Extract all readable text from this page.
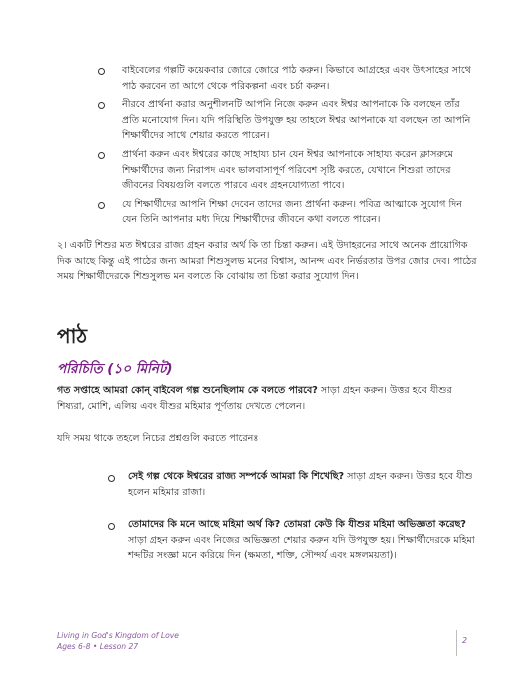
বাইবেলের গল্পটি কয়েকবার জোরে জোরে পাঠ করুন। কিভাবে আগ্রহের এবং উৎসাহের সাথে পাঠ করবেন তা আগে থেকে পরিকল্পনা এবং চর্চা করুন।
নীরবে প্রার্থনা করার অনুশীলনটি আপনি নিজে করুন এবং ঈশ্বর আপনাকে কি বলছেন তাঁর প্রতি মনোযোগ দিন। যদি পরিস্থিতি উপযুক্ত হয় তাহলে ঈশ্বর আপনাকে যা বলছেন তা আপনি শিক্ষার্থীদের সাথে শেয়ার করতে পারেন।
প্রার্থনা করুন এবং ঈশ্বরের কাছে সাহায্য চান যেন ঈশ্বর আপনাকে সাহায্য করেন ক্লাসরুমে শিক্ষার্থীদের জন্য নিরাপদ এবং ভালবাসাপূর্ণ পরিবেশ সৃষ্টি করতে, যেখানে শিশুরা তাদের জীবনের বিষয়গুলি বলতে পারবে এবং গ্রহনযোগ্যতা পাবে।
যে শিক্ষার্থীদের আপনি শিক্ষা দেবেন তাদের জন্য প্রার্থনা করুন। পবিত্র আত্মাকে সুযোগ দিন যেন তিনি আপনার মধ্য দিয়ে শিক্ষার্থীদের জীবনে কথা বলতে পারেন।
২। একটি শিশুর মত ঈশ্বরের রাজ্য গ্রহন করার অর্থ কি তা চিন্তা করুন। এই উদাহরনের সাথে অনেক প্রায়োগিক দিক আছে কিন্তু এই পাঠের জন্য আমরা শিশুসুলভ মনের বিশ্বাস, আনন্দ এবং নির্ভরতার উপর জোর দেব। পাঠের সময় শিক্ষার্থীদেরকে শিশুসুলভ মন বলতে কি বোঝায় তা চিন্তা করার সুযোগ দিন।
পাঠ
পরিচিতি (১০ মিনিট)
গত সপ্তাহে আমরা কোন্ বাইবেল গল্প শুনেছিলাম কে বলতে পারবে? সাড়া গ্রহন করুন। উত্তর হবে যীশুর শিষ্যরা, মোশি, এলিয় এবং যীশুর মহিমার পূর্ণতায় দেখতে পেলেন।
যদি সময় থাকে তহলে নিচের প্রশ্নগুলি করতে পারেনঃ
সেই গল্প থেকে ঈশ্বরের রাজ্য সম্পর্কে আমরা কি শিখেছি? সাড়া গ্রহন করুন। উত্তর হবে যীশু হলেন মহিমার রাজা।
তোমাদের কি মনে আছে মহিমা অর্থ কি? তোমরা কেউ কি যীশুর মহিমা অভিজ্ঞতা করেছ? সাড়া গ্রহন করুন এবং নিজের অভিজ্ঞতা শেয়ার করুন যদি উপযুক্ত হয়। শিক্ষার্থীদেরকে মহিমা শব্দটির সংজ্ঞা মনে করিয়ে দিন (ক্ষমতা, শক্তি, সৌন্দর্য এবং মঙ্গলময়তা)।
Living in God's Kingdom of Love
Ages 6-8 • Lesson 27
2
